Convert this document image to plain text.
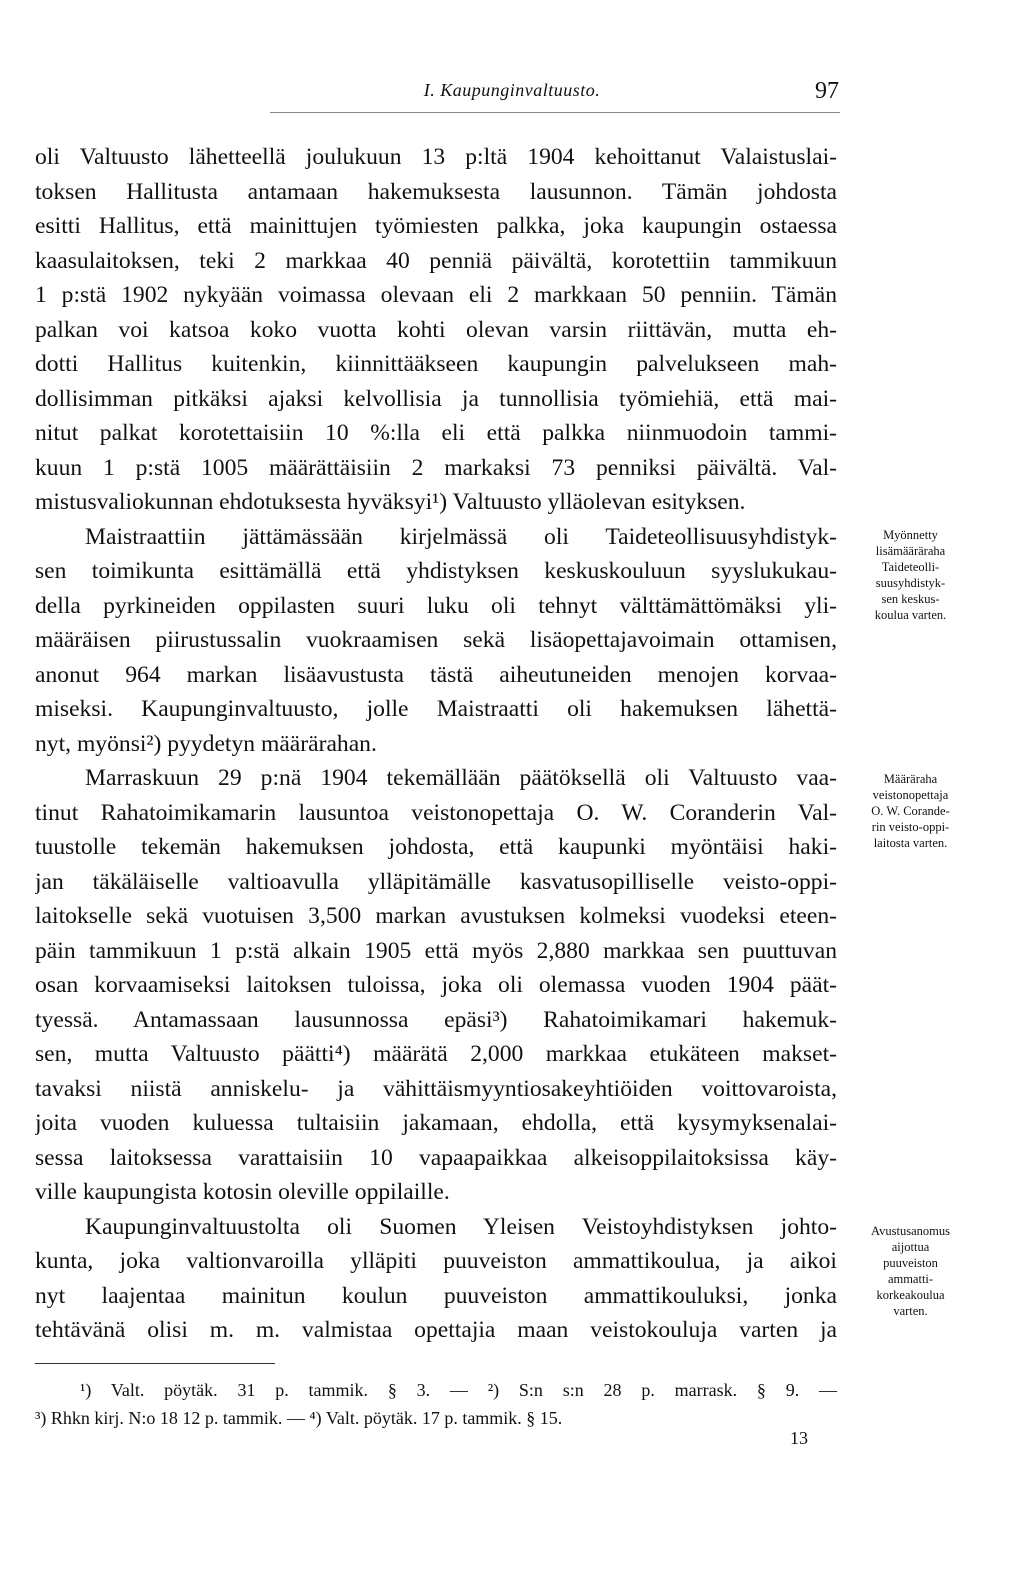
I. Kaupunginvaltuusto.	97
oli Valtuusto lähetteellä joulukuun 13 p:ltä 1904 kehoittanut Valaistuslai-
toksen Hallitusta antamaan hakemuksesta lausunnon. Tämän johdosta
esitti Hallitus, että mainittujen työmiesten palkka, joka kaupungin ostaessa
kaasulaitoksen, teki 2 markkaa 40 penniä päivältä, korotettiin tammikuun
1 p:stä 1902 nykyään voimassa olevaan eli 2 markkaan 50 penniin. Tämän
palkan voi katsoa koko vuotta kohti olevan varsin riittävän, mutta eh-
dotti Hallitus kuitenkin, kiinnittääkseen kaupungin palvelukseen mah-
dollisimman pitkäksi ajaksi kelvollisia ja tunnollisia työmiehiä, että mai-
nitut palkat korotettaisiin 10 %:lla eli että palkka niinmuodoin tammi-
kuun 1 p:stä 1005 määrättäisiin 2 markaksi 73 penniksi päivältä. Val-
mistusvaliokunnan ehdotuksesta hyväksyi¹) Valtuusto ylläolevan esityksen.
Maistraattiin jättämässään kirjelmässä oli Taideteollisuusyhdistyk-
sen toimikunta esittämällä että yhdistyksen keskuskouluun syyslukukau-
della pyrkineiden oppilasten suuri luku oli tehnyt välttämättömäksi yli-
määräisen piirustussalin vuokraamisen sekä lisäopettajavoimain ottamisen,
anonut 964 markan lisäavustusta tästä aiheutuneiden menojen korvaa-
miseksi. Kaupunginvaltuusto, jolle Maistraatti oli hakemuksen lähettä-
nyt, myönsi²) pyydetyn määrärahan.
Marraskuun 29 p:nä 1904 tekemällään päätöksellä oli Valtuusto vaa-
tinut Rahatoimikamarin lausuntoa veistonopettaja O. W. Coranderin Val-
tuustolle tekemän hakemuksen johdosta, että kaupunki myöntäisi haki-
jan täkäläiselle valtioavulla ylläpitämälle kasvatusopilliselle veisto-oppi-
laitokselle sekä vuotuisen 3,500 markan avustuksen kolmeksi vuodeksi eteen-
päin tammikuun 1 p:stä alkain 1905 että myös 2,880 markkaa sen puuttuvan
osan korvaamiseksi laitoksen tuloissa, joka oli olemassa vuoden 1904 päät-
tyessä. Antamassaan lausunnossa epäsi³) Rahatoimikamari hakemuk-
sen, mutta Valtuusto päätti⁴) määrätä 2,000 markkaa etukäteen makset-
tavaksi niistä anniskelu- ja vähittäismyyntiosakeyhtiöiden voittovaroista,
joita vuoden kuluessa tultaisiin jakamaan, ehdolla, että kysymyksenalai-
sessa laitoksessa varattaisiin 10 vapaapaikkaa alkeisoppilaitoksissa käy-
ville kaupungista kotosin oleville oppilaille.
Kaupunginvaltuustolta oli Suomen Yleisen Veistoyhdistyksen johto-
kunta, joka valtionvaroilla ylläpiti puuveiston ammattikoulua, ja aikoi
nyt laajentaa mainitun koulun puuveiston ammattikouluksi, jonka
tehtävänä olisi m. m. valmistaa opettajia maan veistokouluja varten ja
Myönnetty
lisämääräraha
Taideteolli-
suusyhdistyk-
sen keskus-
koulua varten.
Määräraha
veistonopettaja
O. W. Corande-
rin veisto-oppi-
laitosta varten.
Avustusanomus
aijottua
puuveiston
ammatti-
korkeakoulua
varten.
¹) Valt. pöytäk. 31 p. tammik. § 3. — ²) S:n s:n 28 p. marrask. § 9. —
³) Rhkn kirj. N:o 18 12 p. tammik. — ⁴) Valt. pöytäk. 17 p. tammik. § 15.
13
